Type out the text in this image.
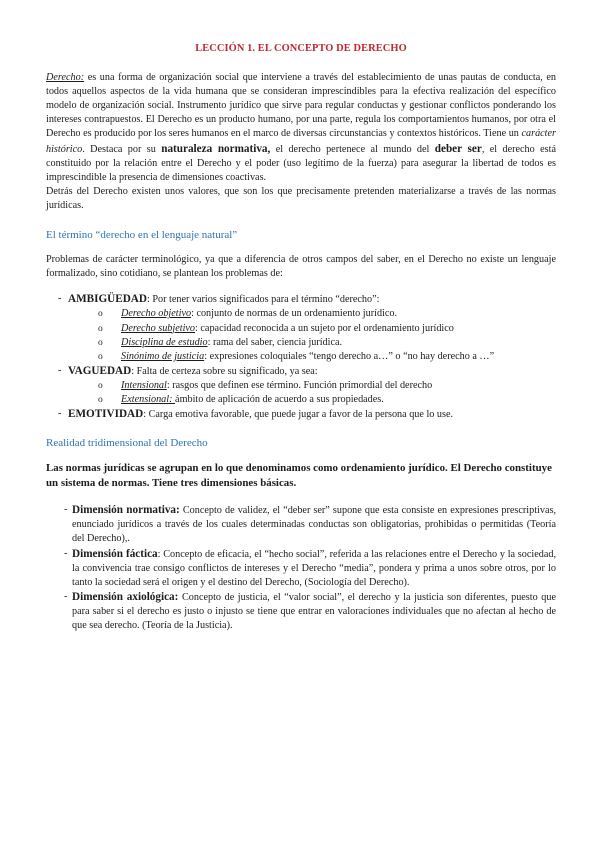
LECCIÓN 1. EL CONCEPTO DE DERECHO

Derecho: es una forma de organización social que interviene a través del establecimiento de unas pautas de conducta, en todos aquellos aspectos de la vida humana que se consideran imprescindibles para la efectiva realización del específico modelo de organización social. Instrumento jurídico que sirve para regular conductas y gestionar conflictos ponderando los intereses contrapuestos. El Derecho es un producto humano, por una parte, regula los comportamientos humanos, por otra el Derecho es producido por los seres humanos en el marco de diversas circunstancias y contextos históricos. Tiene un carácter histórico. Destaca por su naturaleza normativa, el derecho pertenece al mundo del deber ser, el derecho está constituido por la relación entre el Derecho y el poder (uso legítimo de la fuerza) para asegurar la libertad de todos es imprescindible la presencia de dimensiones coactivas.

Detrás del Derecho existen unos valores, que son los que precisamente pretenden materializarse a través de las normas jurídicas.

El término “derecho en el lenguaje natural”

Problemas de carácter terminológico, ya que a diferencia de otros campos del saber, en el Derecho no existe un lenguaje formalizado, sino cotidiano, se plantean los problemas de:

- AMBIGÜEDAD: Por tener varios significados para el término “derecho”:
o Derecho objetivo: conjunto de normas de un ordenamiento jurídico.
o Derecho subjetivo: capacidad reconocida a un sujeto por el ordenamiento jurídico
o Disciplina de estudio: rama del saber, ciencia jurídica.
o Sinónimo de justicia: expresiones coloquiales “tengo derecho a…” o “no hay derecho a …”
- VAGUEDAD: Falta de certeza sobre su significado, ya sea:
o Intensional: rasgos que definen ese término. Función primordial del derecho
o Extensional: ámbito de aplicación de acuerdo a sus propiedades.
- EMOTIVIDAD: Carga emotiva favorable, que puede jugar a favor de la persona que lo use.
Realidad tridimensional del Derecho

Las normas jurídicas se agrupan en lo que denominamos como ordenamiento jurídico. El Derecho constituye un sistema de normas. Tiene tres dimensiones básicas.

- Dimensión normativa: Concepto de validez, el “deber ser” supone que esta consiste en expresiones prescriptivas, enunciado jurídicos a través de los cuales determinadas conductas son obligatorias, prohibidas o permitidas (Teoría del Derecho),.
- Dimensión fáctica: Concepto de eficacia, el “hecho social”, referida a las relaciones entre el Derecho y la sociedad, la convivencia trae consigo conflictos de intereses y el Derecho “media”, pondera y prima a unos sobre otros, por lo tanto la sociedad será el origen y el destino del Derecho, (Sociología del Derecho).
- Dimensión axiológica: Concepto de justicia, el “valor social”, el derecho y la justicia son diferentes, puesto que para saber si el derecho es justo o injusto se tiene que entrar en valoraciones individuales que no afectan al hecho de que sea derecho. (Teoría de la Justicia).
